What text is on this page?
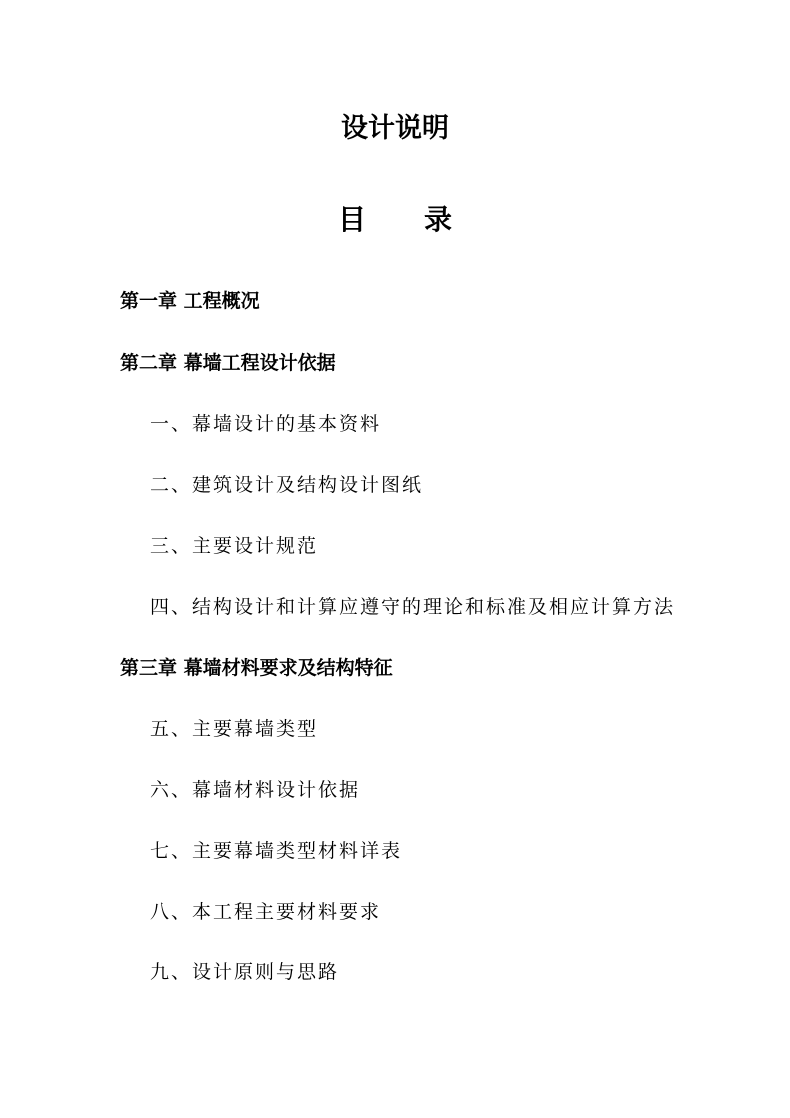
设计说明
目录

第一章 工程概况

第二章 幕墙工程设计依据

一、幕墙设计的基本资料

二、建筑设计及结构设计图纸

三、主要设计规范

四、结构设计和计算应遵守的理论和标准及相应计算方法

第三章 幕墙材料要求及结构特征

五、主要幕墙类型

六、幕墙材料设计依据

七、主要幕墙类型材料详表

八、本工程主要材料要求

九、设计原则与思路
